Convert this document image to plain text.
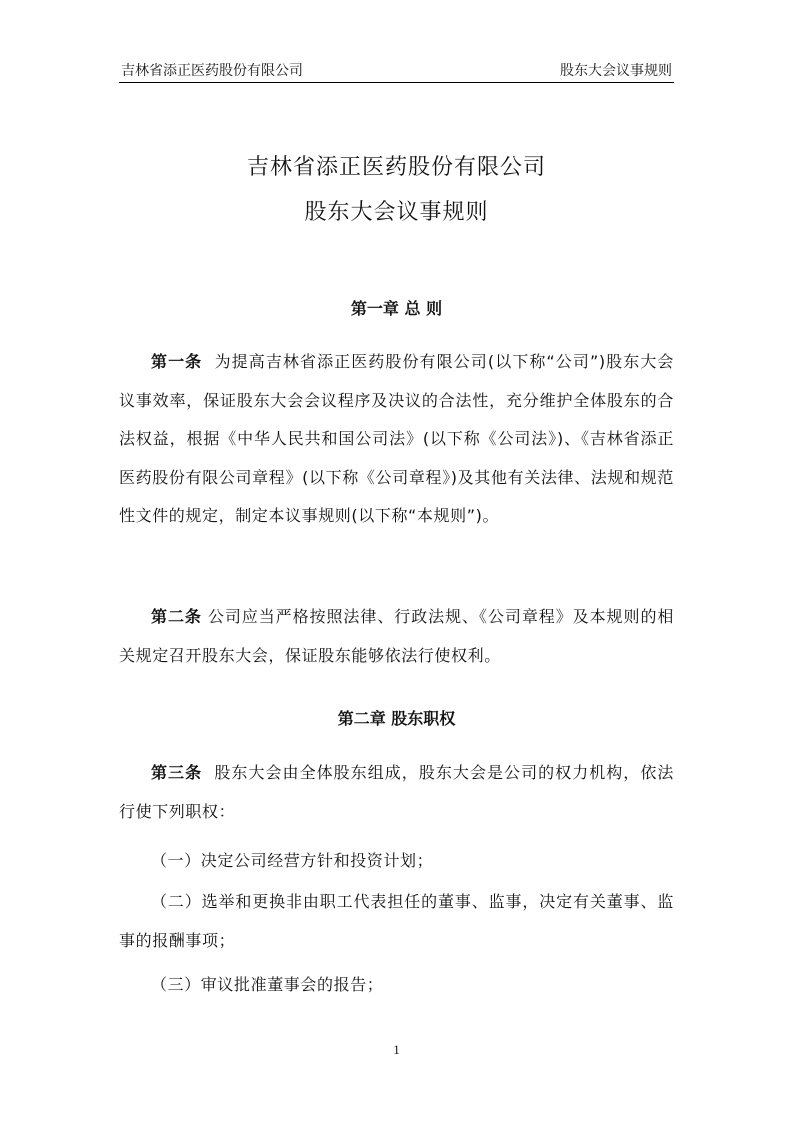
吉林省添正医药股份有限公司	股东大会议事规则
吉林省添正医药股份有限公司
股东大会议事规则
第一章 总 则

第一条 为提高吉林省添正医药股份有限公司(以下称“公司”)股东大会议事效率，保证股东大会会议程序及决议的合法性，充分维护全体股东的合法权益，根据《中华人民共和国公司法》(以下称《公司法》)、《吉林省添正医药股份有限公司章程》(以下称《公司章程》)及其他有关法律、法规和规范性文件的规定，制定本议事规则(以下称“本规则”)。

第二条 公司应当严格按照法律、行政法规、《公司章程》及本规则的相关规定召开股东大会，保证股东能够依法行使权利。

第二章 股东职权

第三条 股东大会由全体股东组成，股东大会是公司的权力机构，依法行使下列职权：

（一）决定公司经营方针和投资计划；

（二）选举和更换非由职工代表担任的董事、监事，决定有关董事、监事的报酬事项；

（三）审议批准董事会的报告；

1
